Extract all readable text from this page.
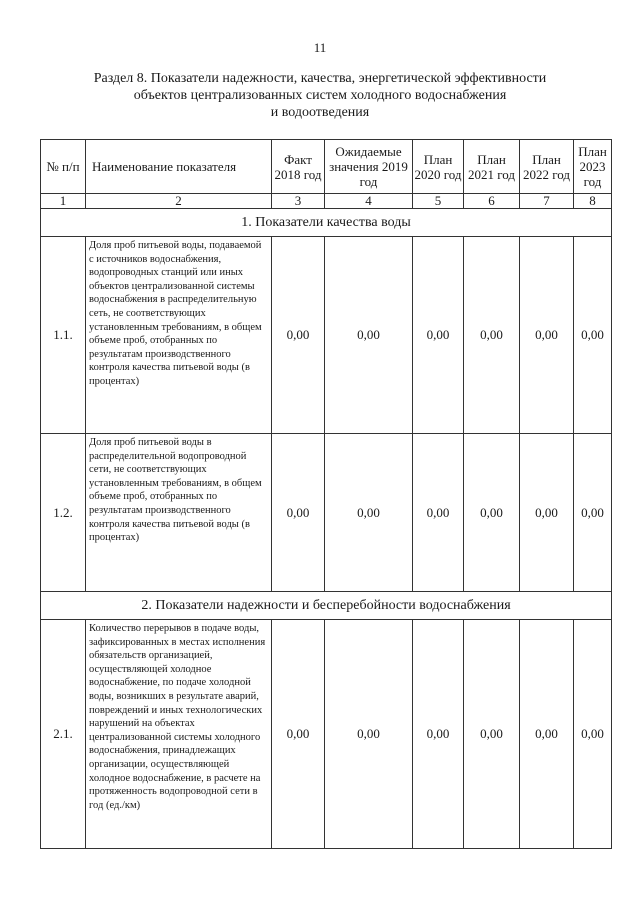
11
Раздел 8. Показатели надежности, качества, энергетической эффективности
объектов централизованных систем холодного водоснабжения
и водоотведения
№ п/п	Наименование показателя	Факт 2018 год	Ожидаемые значения 2019 год	План 2020 год	План 2021 год	План 2022 год	План 2023 год
1	2	3	4	5	6	7	8
1. Показатели качества воды							
1.1.	Доля проб питьевой воды, подаваемой с источников водоснабжения, водопроводных станций или иных объектов централизованной системы водоснабжения в распределительную сеть, не соответствующих установленным требованиям, в общем объеме проб, отобранных по результатам производственного контроля качества питьевой воды (в процентах)	0,00	0,00	0,00	0,00	0,00	0,00
1.2.	Доля проб питьевой воды в распределительной водопроводной сети, не соответствующих установленным требованиям, в общем объеме проб, отобранных по результатам производственного контроля качества питьевой воды (в процентах)	0,00	0,00	0,00	0,00	0,00	0,00
2. Показатели надежности и бесперебойности водоснабжения							
2.1.	Количество перерывов в подаче воды, зафиксированных в местах исполнения обязательств организацией, осуществляющей холодное водоснабжение, по подаче холодной воды, возникших в результате аварий, повреждений и иных технологических нарушений на объектах централизованной системы холодного водоснабжения, принадлежащих организации, осуществляющей холодное водоснабжение, в расчете на протяженность водопроводной сети в год (ед./км)	0,00	0,00	0,00	0,00	0,00	0,00
